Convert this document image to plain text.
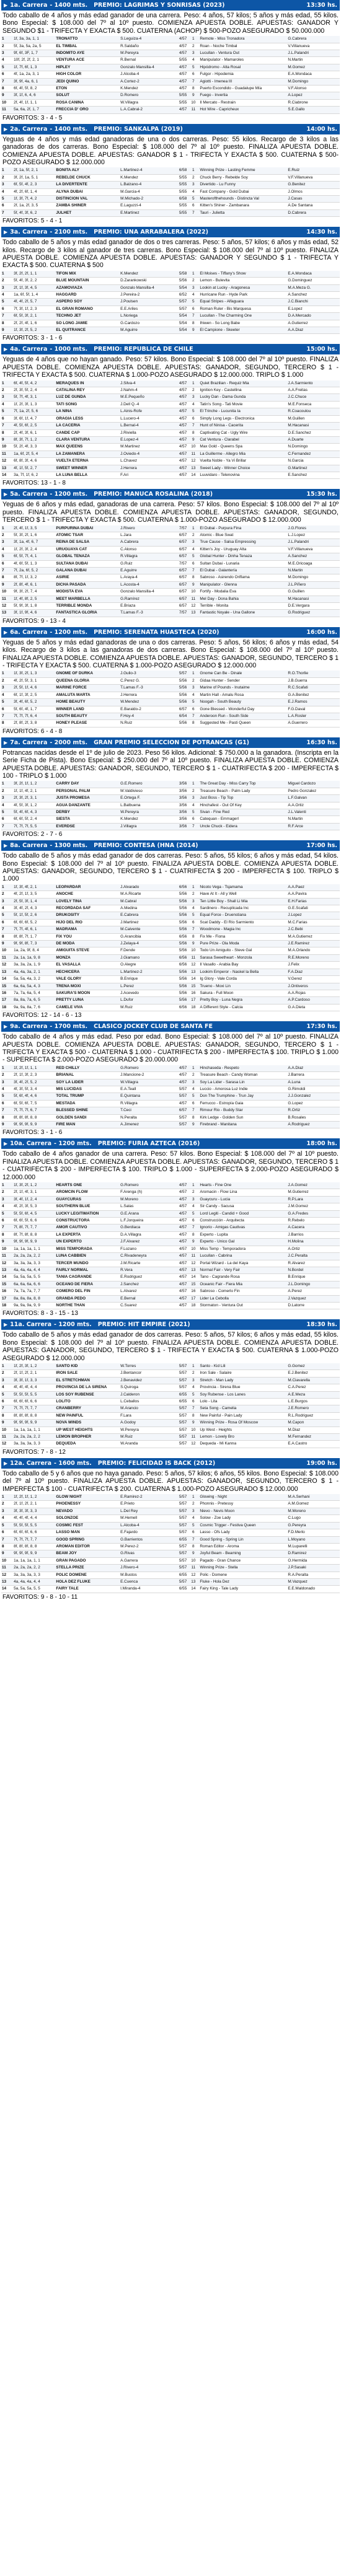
▶ 1a. Carrera - 1400 mts. PREMIO: LÁGRIMAS Y SONRISAS (2023)	13:30 hs.
Todo caballo de 4 años y más edad ganador de una carrera. Peso: 4 años, 57 kilos; 5 años y más edad, 55 kilos. Bono Especial: $ 108.000 del 7º al 10º puesto. COMIENZA APUESTA DOBLE. APUESTAS: GANADOR Y SEGUNDO $1 - TRIFECTA Y EXACTA $ 500. CUATERNA (ACHOP) $ 500-POZO ASEGURADO $ 50.000.000
1	1f, 3a, 3a, 1, 1	TRONATTO	S.Leguiza-4	4/57	1	Remote - Miss Tronadora	G.Cabrera
2	5f, 3a, 5a, 2a, 5	EL TIMBAL	R.Saldaño	4/57	2	Roan - Noche Timbal	V.Villanueva
3	9f, 6f, 3F, 1, 7	INDOMITO AYE	M.Pereyra	4/57	3	Lucullan - Ventura Out	J.L.Palandri
4	10f, 2f, 2f, 2, 1	VENTURA ACE	R.Bernal	5/55	4	Manipulator - Mamaroles	N.Martin
5	1f, 7f, 6f, 1, 3	HIPLEY	Gonzalo Mansilla-4	4/57	5	Hipódromo - Alta Rosal	M.Gomez
6	4f, 1a, 2a, 3, 1	HIGH COLOR	J.Alcoba-4	4/57	6	Fulgor - Hipodemia	E.A.Mondaca
7	3f, 9f, 4a, 6, 1	JEDI QUINO	A.Cortez-2	4/57	7	Agiotti - Imenea III	M.Domingo
8	6f, 4f, 5f, 8, 2	ETON	K.Mendez	4/57	8	Puerto Escondido - Guadalupe Mía	V.F.Alonso
9	3f, 1f, 6, 4, 6	SOLUT	D.Romero	5/55	9	Fuego - Invertia	A.Lopez
10	2f, 4f, 1f, 1, 1	ROSA CANINA	W.Villagra	5/55	10	Il Mercato - Restrain	R.Ciabrone
11	5a, 6a, 2f, 1, 7	FRECCIA D' ORO	L.A.Cabral-2	4/57	11	Hot Wire - Capricheux	S.E.Gallo
FAVORITOS: 3 - 4 - 5
▶ 2a. Carrera - 1400 mts. PREMIO: SANKALPA (2019)	14:00 hs.
Yeguas de 4 años y más edad ganadoras de una o dos carreras. Peso: 55 kilos. Recargo de 3 kilos a las ganadoras de dos carreras. Bono Especial: $ 108.000 del 7º al 10º puesto. FINALIZA APUESTA DOBLE. COMIENZA APUESTA DOBLE. APUESTAS: GANADOR $ 1 - TRIFECTA Y EXACTA $ 500. CUATERNA $ 500-POZO ASEGURADO $ 12.000.000
1	2f, 1a, 5f, 2, 1	BONITA ALY	L.Martinez-4	6/58	1	Winning Prize - Lasting Femme	E.Ruiz
2	3f, 2f, 1a, 5, 1	REBELDE CHUCK	K.Mendez	5/55	2	Chuck Berry - Rebelde Soy	V.F.Villanueva
3	6f, 5f, 4f, 2, 3	LA DIVERTENTE	L.Balzano-4	5/55	3	Divertido - Lu Funny	G.Benitez
4	4f, 2f, 6f, 1, 4	ALYNA DUBAI	M.Garcia-4	5/55	4	Fast Company - Gold Dubai	J.Olmos
5	1f, 3f, 7f, 4, 2	DISTINCION VAL	M.Michado-2	6/58	5	Masterofthehounds - Distincta Val	J.Casas
6	2f, 1a, 2f, 3, 5	ZAMBA SHINER	E.Laguzzi-4	5/55	6	Kitten's Shiner - Zambanara	A.De Santana
7	5f, 4f, 3f, 6, 2	JULHET	E.Martinez	5/55	7	Tauri - Julietta	D.Cabrera
FAVORITOS: 5 - 4 - 1
▶ 3a. Carrera - 2100 mts. PREMIO: UNA ARRABALERA (2022)	14:30 hs.
Todo caballo de 5 años y más edad ganador de dos o tres carreras. Peso: 5 años, 57 kilos; 6 años y más edad, 52 kilos. Recargo de 3 kilos al ganador de tres carreras. Bono Especial: $ 108.000 del 7º al 10º puesto. FINALIZA APUESTA DOBLE. COMIENZA APUESTA DOBLE. APUESTAS: GANADOR Y SEGUNDO $ 1 - TRIFECTA Y EXACTA $ 500. CUATERNA $ 500
1	3f, 2f, 2f, 1, 1	TIFON MIX	K.Mendez	5/58	1	El Moises - Tiffany's Show	E.A.Mondaca
2	5f, 4f, 3f, 2, 2	BLUE MOUNTAIN	D.Zarankowski	5/56	2	Lemon - Bulevita	G.Dominguez
3	2f, 1f, 3f, 4, 5	AZAMOVIAZA	Gonzalo Mansilla-4	5/54	3	Lookin at Lucky - Aragonesa	M.A.Meza G.
4	1a, 6f, 5f, 1, 4	HAGGARD	J.Pereira-2	6/52	4	Hurricane Run - Hyde Park	A.Sanchez
5	4f, 4f, 2f, 5, 7	ASPERO SOY	J.Poulsen	5/57	5	Equal Stripes - Alfaguara	J.C.Bianchi
6	7f, 3f, 1f, 2, 3	EL GRAN ROMANO	E.E.Ariles	5/57	6	Roman Ruler - Bis Marquesa	E.Lopez
7	6f, 5f, 3f, 2, 1	TECHNO JET	L.Noriega	5/54	7	Lucullan - The Charming One	D.A.Mercado
8	2f, 2f, 4f, 1, 6	SO LONG JAMIE	G.Cardozo	5/54	8	Ihiwen - So Long Babe	A.Gutierrez
9	1f, 3f, 2f, 5, 2	EL QUITRANCE	M.Aguirre	5/54	9	El Campione - Skeeter	A.A.Diaz
FAVORITOS: 3 - 1 - 6
▶ 4a. Carrera - 1000 mts. PREMIO: REPÚBLICA DE CHILE	15:00 hs.
Yeguas de 4 años que no hayan ganado. Peso: 57 kilos. Bono Especial: $ 108.000 del 7º al 10º puesto. FINALIZA APUESTA DOBLE. COMIENZA APUESTA DOBLE. APUESTAS: GANADOR, SEGUNDO, TERCERO $ 1 - TRIFECTA Y EXACTA $ 500. CUATERNA $ 1.000-POZO ASEGURADO $ 12.000.000. TRIPLO $ 1.000
1	6f, 4f, 5f, 4, 2	MERAQUES IN	J.Silva-4	4/57	1	Quiet Brazilian - Requiz Mia	J.A.Sarmiento
2	2f, 3f, 5f, 2, 4	CATALINA REY	J.Nahm-4	4/57	2	Ignition Key - Castellina	A.A.Freitas
3	5f, 7f, 4f, 3, 1	LUZ DE GUNDA	M.E.Pequeño	4/57	3	Lucky Dan - Dama Gunda	J.C.Chuce
4	1f, 2f, 3f, 1, 3	TATI SONG	J.Dell Q.-4	4/57	4	Tatin's Song - Tati Movie	M.E.Fonseca
5	7f, 1a, 2f, 5, 6	LA NINA	L.Ainis-Rofe	4/57	5	El Trinche - Lucunita Ia	R.Coacoulou
6	3f, 6f, 1f, 4, 7	ORAGIA LESS	L.Lucero-4	4/57	6	Simply Long Legs - Electronica	M.Guillen
7	4f, 5f, 6f, 2, 5	LA CACERIA	L.Bernal-4	4/57	7	Hunt of Ninisa - Cacerita	M.Hacanasi
8	2f, 4f, 3f, 6, 1	CANDE CAP	J.Riviella	4/57	8	Captivating Cat - Ugly Wire	D.E.Sanchez
9	8f, 3f, 7f, 1, 2	CLARA VENTURA	E.Lopez-4	4/57	9	Cat Ventura - Clarabel	A.Duarte
10	5f, 2f, 4f, 3, 3	MAX QUEENS	M.Martinez	4/57	10	Max Gold - Queens Spa	N.Domingo
11	1a, 6f, 2f, 5, 4	LA ZAMANERA	J.Oviedo-4	4/57	11	La Guillerme - Allegro Mia	C.Fernandez
12	6f, 8f, 3f, 4, 6	VUELTA ETERNA	L.Chavez	4/57	12	Vuelta Noble - Ya Vi Brillar	N.Garcia
13	4f, 1f, 5f, 2, 7	SWEET WINNER	J.Herrera	4/57	13	Sweet Lady - Winner Choice	G.Martinez
14	3a, 7f, 1f, 6, 2	LA LUNA BELLA	F.Ari	4/57	14	Luuvidaro - Telenovina	E.Sanchez
FAVORITOS: 13 - 1 - 8
▶ 5a. Carrera - 1200 mts. PREMIO: MANUCA ROSALINA (2018)	15:30 hs.
Yeguas de 6 años y más edad, ganadoras de una carrera. Peso: 57 kilos. Bono Especial: $ 108.000 del 7º al 10º puesto. FINALIZA APUESTA DOBLE. COMIENZA APUESTA DOBLE. APUESTAS: GANADOR, SEGUNDO, TERCERO $ 1 - TRIFECTA Y EXACTA $ 500. CUATERNA $ 1.000-POZO ASEGURADO $ 12.000.000
1	2f, 4f, 1f, 3, 5	PURPURINA DUBAI	J.Rivero	7/57	1	El Dubai - Purpura Fina	J.G.Flores
2	5f, 3f, 2f, 1, 6	ATOMIC TSAR	L.Jara	6/57	2	Atomic - Blue Swat	L.J.Lopez
3	3f, 1a, 4f, 6, 7	REINA DE SALSA	A.Cabrera	6/57	3	True Cause - Salsa Empressing	J.L.Palandri
4	1f, 2f, 3f, 2, 4	URUGUAYA CAT	C.Alonso	6/57	4	Kitten's Joy - Uruguay Alta	V.F.Villanueva
5	6f, 5f, 7f, 4, 1	GLOBAL TENAZA	R.Villagra	6/57	5	Global Hunter - Dinha Tenaza	A.Sanchez
6	4f, 6f, 5f, 1, 3	SULTANA DUBAI	G.Ruiz	7/57	6	Sultan Dubai - Lunaria	M.E.Oricoaga
7	7f, 2a, 6f, 5, 2	GALANA DUBAI	E.Aguirre	6/57	7	El Dubai - Galantería	N.Martin
8	8f, 7f, 1f, 3, 2	ASIRIE	L.Araya-4	6/57	8	Sabroso - Asirendo Oriflama	M.Domingo
9	2f, 8f, 4f, 6, 1	DICHA PASADA	L.Acosta-4	6/57	9	Manipulator - Glenna	J.L.Piñero
10	9f, 3f, 2f, 7, 4	MODISTA EVA	Gonzalo Mansilla-4	6/57	10	Fortify - Modalia Eva	G.Guillen
11	1f, 4f, 8f, 2, 5	MEET MARBELLA	G.Ramírez	6/57	11	Mel Day - Dona Bahia	M.Hacanasi
12	5f, 9f, 3f, 1, 8	TERRIBLE MONDA	E.Briaza	6/57	12	Terrible - Monita	D.E.Vergara
13	3f, 1f, 9f, 4, 6	FANTASTICA GLORIA	T.Lamas F.-3	7/57	13	Fantastic Noyale - Una Gallone	G.Rodriguez
FAVORITOS: 9 - 13 - 4
▶ 6a. Carrera - 1200 mts. PREMIO: SERENATA HUASTECA (2020)	16:00 hs.
Yeguas de 5 años y más edad ganadoras de una o dos carreras. Peso: 5 años, 56 kilos; 6 años y más edad, 54 kilos. Recargo de 3 kilos a las ganadoras de dos carreras. Bono Especial: $ 108.000 del 7º al 10º puesto. FINALIZA APUESTA DOBLE. COMIENZA APUESTA DOBLE. APUESTAS: GANADOR, SEGUNDO, TERCERO $ 1 - TRIFECTA Y EXACTA $ 500. CUATERNA $ 1.000-POZO ASEGURADO $ 12.000.000
1	1f, 3f, 2f, 1, 3	GNOME OF DURKA	J.Gulio-3	5/57	1	Gnome Can Be - Dinale	R.O.Thorlie
2	4f, 2f, 5f, 3, 1	QUEENA GLORIA	C.Perez G.	5/56	2	Gidaa Hunter - Sender	J.B.Guerra
3	2f, 5f, 1f, 4, 6	MARINE FORCE	T.Lamas F.-3	5/56	3	Marine of Pounds - Inutaime	R.C.Scafati
4	6f, 1f, 3f, 2, 5	AMALUTA MARTA	J.Herrera	5/56	4	Martin Hall - Amalu Rosa	G.A.Benitez
5	3f, 4f, 6f, 5, 2	HOME BEAUTY	W.Mendez	5/56	5	Noogah - South Beauty	E.J.Ramos
6	5f, 6f, 4f, 1, 7	WINNER LAND	E.Baraldo-2	6/57	6	Gone Blessed - Wonderful Day	F.G.Daval
7	7f, 7f, 7f, 6, 4	SOUTH BEAUTY	F.Hoy-4	6/54	7	Anderoon Run - South Side	L.A.Rosler
8	2f, 8f, 2f, 3, 8	HONEY PLEASE	N.Ruiz	5/56	8	Suggested Me - Pasti Queen	A.Guerrero
FAVORITOS: 6 - 4 - 8
▶ 7a. Carrera - 2000 mts. GRAN PREMIO SELECCIÓN DE POTRANCAS (G1)	16:30 hs.
Potrancas nacidas desde el 1º de julio de 2023. Peso 56 kilos. Adicional: $ 750.000 a la ganadora. (Inscripta en la Serie Ficha de Pista). Bono Especial: $ 250.000 del 7º al 10º puesto. FINALIZA APUESTA DOBLE. COMIENZA APUESTA DOBLE. APUESTAS: GANADOR, SEGUNDO, TERCERO $ 1 - CUATRIFECTA $ 200 - IMPERFECTA $ 100 - TRIPLO $ 1.000
1	3f, 2f, 1f, 1, 2	CARRY DAY	G.E.Romero	3/56	1	The Great Day - Miss Carry Top	Miguel Cardozo
2	1f, 1f, 4f, 2, 1	PERSONAL PALM	M.Valdivieso	3/56	2	Treasure Beach - Palm Lady	Pedro Gonzalez
3	2f, 3f, 2f, 3, 1	JUSTA PROMESA	E.Ortega F.	3/56	3	Just Boss - Tip Top	L.F.Galvan
4	4f, 5f, 3f, 1, 2	AGUA DANZANTE	L.Balbuena	3/56	4	Hinchafest - Out Of Key	A.A.Ortiz
5	5f, 4f, 6f, 4, 3	DERBY	W.Pereyra	3/56	5	Sivan - Fine Red	J.L.Valenti
6	6f, 6f, 5f, 2, 4	SIESTA	K.Mendez	3/56	6	Catequan - Emmagerl	N.Martin
7	7f, 7f, 7f, 5, 5	EVERDSE	J.Villagra	3/56	7	Uncle Chuck - Eidera	R.F.Arce
FAVORITOS: 2 - 7 - 6
▶ 8a. Carrera - 1300 mts. PREMIO: CONTESA (HNA (2014)	17:00 hs.
Todo caballo de 5 años y más edad ganador de dos carreras. Peso: 5 años, 55 kilos; 6 años y más edad, 54 kilos. Bono Especial: $ 108.000 del 7º al 10º puesto. FINALIZA APUESTA DOBLE. COMIENZA APUESTA DOBLE. APUESTAS: GANADOR, SEGUNDO, TERCERO $ 1 - CUATRIFECTA $ 200 - IMPERFECTA $ 100. TRIPLO $ 1.000
1	1f, 3f, 4f, 2, 1	LEOPARDAR	J.Alvarado	6/56	1	Nicoto Vega - Tsjamama	A.A.Paez
2	4f, 2f, 1f, 3, 5	ANOCHE	M.A.Ricarte	5/56	2	Have At It - All y Well	A.A.Pavira
3	2f, 5f, 3f, 1, 4	LOVELY TINA	M.Cabral	5/56	3	Ten Little Boy - Shall Li Mia	E.H.Farias
4	3f, 4f, 2f, 4, 3	RECORDADA SAF	A.Medina	5/56	4	Sardinero - Recuplicada Inc	G.E.Scafati
5	5f, 1f, 5f, 2, 6	DRUKOSITY	E.Cabrera	5/56	5	Equal Force - Druenstiana	J.Lopez
6	6f, 6f, 6f, 5, 2	HIJO DEL RIO	J.Martinez	5/56	6	Scat Daddy - El Río Sarmiento	M.C.Farias
7	7f, 7f, 4f, 6, 1	MADRAMA	M.Calvente	5/56	7	Woodmone - Magia Inc	J.C.Bebi
8	8f, 8f, 7f, 1, 7	FIX YOU	G.Arancibia	6/56	8	Fix Me - Fiona	M.A.Gutierrez
9	9f, 9f, 8f, 7, 3	DE MODA	J.Zelaya-4	5/56	9	Pure Prize - Ola Moda	J.E.Ramirez
10	1a, 2a, 9f, 8, 4	AMIGUITA STEVE	F.Dende	5/56	10	Todo Un Amiguito - Steve Gal	M.A.Orlando
11	2a, 1a, 1a, 9, 8	MONZA	J.Giamano	6/56	11	Sarasa Sweetheart - Monzola	R.E.Moreno
12	3a, 3a, 2a, 1, 9	EL VASALLA	O.Alegre	6/56	12	Il Vasallo - Arabia Bay	J.Felix
13	4a, 4a, 3a, 2, 1	HECHICERA	L.Martinez-2	5/56	13	Lookim Emperor - Naskel la Bella	F.A.Diaz
14	5a, 5a, 4a, 3, 2	VALE GLORY	B.Enrique	5/56	14	Ig Glory - Vale Corda	V.Gerez
15	6a, 6a, 5a, 4, 3	TRENA MOXI	L.Perez	5/56	15	Trueno - Moxi Lin	J.Ontiveros
16	7a, 7a, 6a, 5, 4	SAKURA'S MOON	J.Acevedo	5/56	16	Sakura - Full Moon	A.A.Rojas
17	8a, 8a, 7a, 6, 5	PRETTY LUNA	L.Dufor	5/56	17	Pretty Boy - Luna Negra	A.P.Cardoso
18	9a, 9a, 8a, 7, 6	CAMELE VIVA	M.Ruiz	6/56	18	A Different Style - Calcia	G.A.Dieta
FAVORITOS: 12 - 14 - 6 - 13
▶ 9a. Carrera - 1700 mts. CLÁSICO JOCKEY CLUB DE SANTA FE	17:30 hs.
Todo caballo de 4 años y más edad. Peso por edad. Bono Especial: $ 108.000 del 7º al 10º puesto. FINALIZA APUESTA DOBLE. COMIENZA APUESTA DOBLE. APUESTAS: GANADOR, SEGUNDO, TERCERO $ 1 - TRIFECTA Y EXACTA $ 500 - CUATERNA $ 1.000 - CUATRIFECTA $ 200 - IMPERFECTA $ 100. TRIPLO $ 1.000 - SUPERFECTA $ 2.000-POZO ASEGURADO $ 20.000.000
1	1f, 2f, 1f, 1, 1	RED CHILLY	G.Romero	4/57	1	Hinchaseda - Respeto	A.A.Diaz
2	2f, 1f, 3f, 2, 3	BRIANAL	J.Mancione-2	4/57	2	Treasure Beach - Candy Woman	J.Barrera
3	3f, 4f, 2f, 5, 2	SOY LA LIDER	W.Villagra	4/57	3	Soy La Lider - Sarasa Lin	A.Luna
4	4f, 3f, 5f, 3, 4	MIS LUCIDAS	E.A.Teall	5/57	4	Luccio - Amorosa Luz Indie	G.Rimoldi
5	5f, 6f, 4f, 4, 6	TOTAL TRUMP	E.Quintana	5/57	5	Don The Trumphine - Trun Jay	J.J.Gonzalez
6	6f, 5f, 6f, 7, 5	MESTADA	R.Villagra	4/57	6	Ferrucco - Estropía Gaia	G.Lopez
7	7f, 7f, 7f, 6, 7	BLESSED SHINE	T.Ceci	6/57	7	Rimour Rio - Buddy Star	R.Ortiz
8	8f, 8f, 8f, 8, 8	GOLDEN SANDI	N.Peralta	5/57	8	Kirk Ledge - Golden Sun	B.Rosales
9	9f, 9f, 9f, 9, 9	FIRE MAN	A.Jimenez	5/57	9	Firebrand - Manitana	A.Rodriguez
FAVORITOS: 3 - 1 - 6
▶ 10a. Carrera - 1200 mts. PREMIO: FURIA AZTECA (2016)	18:00 hs.
Todo caballo de 4 años ganador de una carrera. Peso: 57 kilos. Bono Especial: $ 108.000 del 7º al 10º puesto. FINALIZA APUESTA DOBLE. COMIENZA APUESTA DOBLE. APUESTAS: GANADOR, SEGUNDO, TERCERO $ 1 - CUATRIFECTA $ 200 - IMPERFECTA $ 100. TRIPLO $ 1.000 - SUPERFECTA $ 2.000-POZO ASEGURADO $ 12.000.000
1	1f, 3f, 2f, 1, 2	HEARTS ONE	G.Romero	4/57	1	Hearts - Fine One	J.A.Gomez
2	2f, 1f, 4f, 3, 1	AROMCIN FLOW	F.Arenga (h)	4/57	2	Aromacin - Flow Lina	M.Gutierrez
3	3f, 4f, 1f, 2, 4	GUAYCURAS	M.Moreno	4/57	3	Guaycuru - Lucia	R.P.Lara
4	4f, 2f, 3f, 5, 3	SOUTHERN BLUE	L.Salas	4/57	4	Sir Candy - Sacusa	J.M.Gomez
5	5f, 5f, 6f, 4, 5	LUCKY LEGITIMATION	G.E.Arana	4/57	5	Lord Legiti - Candid + Good	G.A.Fredes
6	6f, 6f, 5f, 6, 6	CONSTRUCTORA	L.F.Jorqueira	4/57	6	Construcción - Arquitecta	R.Rebelo
7	7f, 8f, 7f, 7, 7	AMOR CAUTIVO	G.Berdiaca	4/57	7	Ignorio - Amigas Cautivas	A.Cacera
8	8f, 7f, 8f, 8, 8	LA EXPERTA	D.A.Villagra	4/57	8	Experto - Lupita	J.Barrios
9	9f, 9f, 9f, 9, 9	UN EXPERTO	J.F.Alvarez	4/57	9	Experto - Unico Gal	H.Molina
10	1a, 1a, 1a, 1, 1	MISS TEMPORADA	F.Lozano	4/57	10	Miss Temp - Temporadora	A.Ortiz
11	2a, 2a, 2a, 2, 2	LUNA CABBIEN	C.Rivadeneyra	4/57	11	Lucullan - Cabrina	J.C.Peralta
12	3a, 3a, 3a, 3, 3	TERCER MUNDO	J.M.Ricarte	4/57	12	Portal Wizard - La del Kaya	R.Alvarez
13	4a, 4a, 4a, 4, 4	FAIRLY NORMAL	R.Vera	4/57	13	Normal Fair - Very Fair	N.Bordel
14	5a, 5a, 5a, 5, 5	TANIA CAGRANDE	E.Rodriguez	4/57	14	Tano - Cagrande Rosa	B.Enrique
15	6a, 6a, 6a, 6, 6	OCEANO DE FIERA	J.Sanchez	4/57	15	Oceanic Fair - Fiera Mia	J.L.Domingo
16	7a, 7a, 7a, 7, 7	COMERO DEL FIN	L.Alvarez	4/57	16	Sabroso - Comerlo Fin	A.Perez
17	8a, 8a, 8a, 8, 8	GRANDA PEDO	E.Bernal	4/57	17	Lider La Cebolla	J.Vazquez
18	9a, 9a, 9a, 9, 9	NORTHE THAN	C.Suarez	4/57	18	Stormaton - Ventura Out	D.Latorre
FAVORITOS: 8 - 3 - 15 - 13
▶ 11a. Carrera - 1200 mts. PREMIO: HIT EMPIRE (2021)	18:30 hs.
Todo caballo de 5 años y más edad ganador de dos carreras. Peso: 5 años, 57 kilos; 6 años y más edad, 55 kilos. Bono Especial: $ 108.000 del 7º al 10º puesto. FINALIZA APUESTA DOBLE. COMIENZA APUESTA DOBLE. APUESTAS: GANADOR, SEGUNDO, TERCERO $ 1 - TRIFECTA Y EXACTA $ 500. CUATERNA $ 1.000-POZO ASEGURADO $ 12.000.000
1	1f, 2f, 3f, 1, 2	SANTO KID	W.Torres	5/57	1	Santo - Kid Lili	G.Gomez
2	2f, 1f, 2f, 2, 1	IRON SALE	J.Bentancor	5/57	2	Iron Sale - Salaire	E.J.Benitez
3	3f, 3f, 1f, 3, 3	EL STRETCHMAN	J.Benavidez	5/57	3	Stretch - Man Lady	M.Ciavarella
4	4f, 4f, 4f, 4, 4	PROVINCIA DE LA SIRENA	S.Quiroga	5/57	4	Provincia - Sirena Blue	C.A.Perez
5	5f, 5f, 5f, 5, 5	LOS SOY RUBENSE	J.Calderon	6/55	5	Soy Rubense - Los Lanes	A.E.Meza
6	6f, 6f, 6f, 6, 6	LOLITO	L.Ceballos	6/55	6	Lolo - Lita	L.E.Burgos
7	7f, 7f, 7f, 7, 7	CRANBERRY	M.Arancio	5/57	7	Seta Song - Camelia	J.E.Romero
8	8f, 8f, 8f, 8, 8	NEW PAINFUL	F.Lara	5/57	8	New Painful - Pain Lady	R.L.Rodriguez
9	9f, 9f, 9f, 9, 9	NOVA WINDS	A.Godoy	5/57	9	Winning Prize - Rosa Of Moscow	M.Capon
10	1a, 1a, 1a, 1, 1	UP WEST HEIGHTS	W.Pereyra	5/57	10	Up West - Heights	M.Diaz
11	2a, 2a, 2a, 2, 2	LEMON BROPHER	M.Ruiz	5/57	11	Lemon - Lovely Bro	M.Fernandez
12	3a, 3a, 3a, 3, 3	DEQUEDA	W.Aranda	5/57	12	Dequeda - Mi Kanna	E.A.Castro
FAVORITOS: 7 - 8 - 12
▶ 12a. Carrera - 1600 mts. PREMIO: FELICIDAD IS BACK (2012)	19:00 hs.
Todo caballo de 5 y 6 años que no haya ganado. Peso: 5 años, 57 kilos; 6 años, 55 kilos. Bono Especial: $ 108.000 del 7º al 10º puesto. FINALIZA APUESTA DOBLE. APUESTAS: GANADOR, SEGUNDO, TERCERO $ 1 - IMPERFECTA $ 100 - CUATRIFECTA $ 200. CUATERNA $ 1.000-POZO ASEGURADO $ 12.000.000
1	1f, 2f, 1f, 1, 2	GLOW NIGHT	E.Ramirez-2	5/57	1	Glowing - Night	M.A.Serhani
2	2f, 1f, 2f, 2, 1	PHOENESSY	E.Prieto	5/57	2	Phonnis - Pretessy	A.M.Gomez
3	3f, 3f, 3f, 3, 3	NEVADO	L.Del Rey	5/57	3	Nievo - Nevis Moon	M.Moreno
4	4f, 4f, 4f, 4, 4	SOLONZOE	M.Hemell	5/57	4	Solow - Zoe Lady	C.Lugo
5	5f, 5f, 5f, 5, 5	COSMIC FEST	L.Alcoba-4	5/57	5	Cosmic Trigger - Festiva Queen	G.Pereyra
6	6f, 6f, 6f, 6, 6	LASSO MAN	E.Fajardo	5/57	6	Lasso - Ofs Lady	F.D.Merlo
7	7f, 7f, 7f, 7, 7	GOOD SPRING	G.Barrientos	6/55	7	Good Spring - Spring Lin	L.Moyano
8	8f, 8f, 8f, 8, 8	AROMAN EDITOR	M.Perez-2	5/57	8	Roman Editor - Aroma	M.Luparelli
9	9f, 9f, 9f, 9, 9	BEAM JOY	G.Rivas	5/57	9	Joyful Beam - Beaming	D.Ramirez
10	1a, 1a, 1a, 1, 1	GRAN PAGADO	A.Garrera	5/57	10	Pagado - Gran Chance	O.Hermida
11	2a, 2a, 2a, 2, 2	STELLA PRIZE	J.Rivero-4	5/57	11	Winning Prize - Stella	J.P.Sasaki
12	3a, 3a, 3a, 3, 3	POLIC DOMENE	M.Bustos	6/55	12	Polic - Domene	R.A.Peralta
13	4a, 4a, 4a, 4, 4	HOLA DEZ FLUKE	E.Cuenca	5/57	13	Fluke - Hola Dez	M.Vazquez
14	5a, 5a, 5a, 5, 5	FAIRY TALE	I.Miranda-4	6/55	14	Fairy King - Tale Lady	E.E.Maldonado
FAVORITOS: 9 - 8 - 10 - 11
